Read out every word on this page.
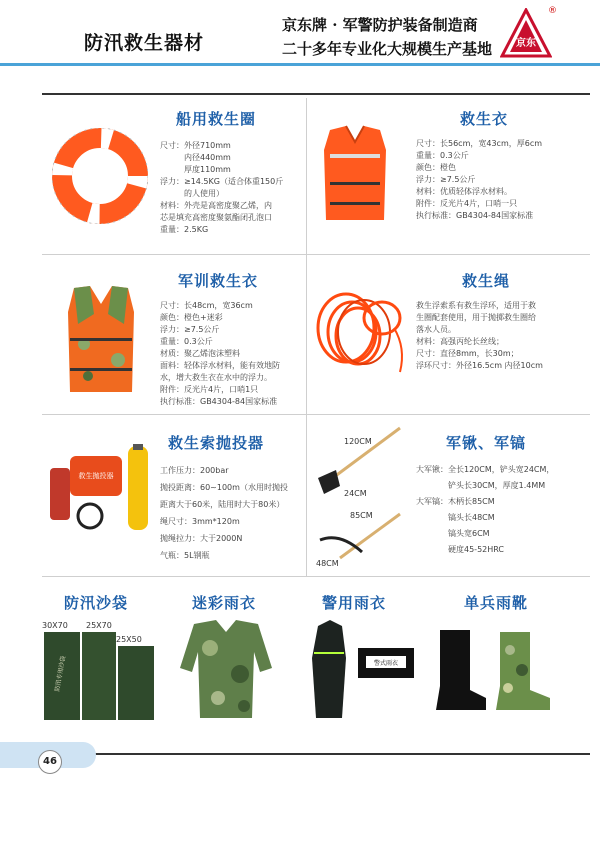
防汛救生器材
京东牌 · 军警防护装备制造商
二十多年专业化大规模生产基地 京东
®
船用救生圈
尺寸：外径710mm
　　　内径440mm
　　　厚度110mm
浮力：≥14.5KG（适合体重150斤
　　　的人使用）
材料：外壳是高密度聚乙烯，内
芯是填充高密度聚氨酯闭孔泡口
重量：2.5KG
救生衣
尺寸：长56cm，宽43cm，厚6cm
重量：0.3公斤
颜色：橙色
浮力：≥7.5公斤
材料：优质轻体浮水材料。
附件：反光片4片，口哨一只
执行标准：GB4304-84国家标准
军训救生衣
尺寸：长48cm，宽36cm
颜色：橙色+迷彩
浮力：≥7.5公斤
重量：0.3公斤
材质：聚乙烯泡沫塑料
面料：轻体浮水材料，能有效地防
水，增大救生衣在水中的浮力。
附件：反光片4片，口哨1只
执行标准：GB4304-84国家标准
救生绳
救生浮索系有救生浮环，适用于救
生圈配套使用，用于抛掷救生圈给
落水人员。
材料：高强丙纶长丝线；
尺寸：直径8mm，长30m；
浮环尺寸：外径16.5cm 内径10cm
救生抛投器
救生索抛投器
工作压力：200bar
抛投距离：60~100m（水用时抛投
距离大于60米，陆用时大于80米）
绳尺寸：3mm*120m
抛绳拉力：大于2000N
气瓶：5L钢瓶
120CM
24CM
85CM
48CM
军锹、军镐
大军锹：全长120CM，铲头宽24CM，
　　　　铲头长30CM，厚度1.4MM
大军镐：木柄长85CM
　　　　镐头长48CM
　　　　镐头宽6CM
　　　　硬度45-52HRC
防汛沙袋
30X70 25X70
25X50
防汛专用沙袋
迷彩雨衣	警用雨衣
警式雨衣
单兵雨靴
46
